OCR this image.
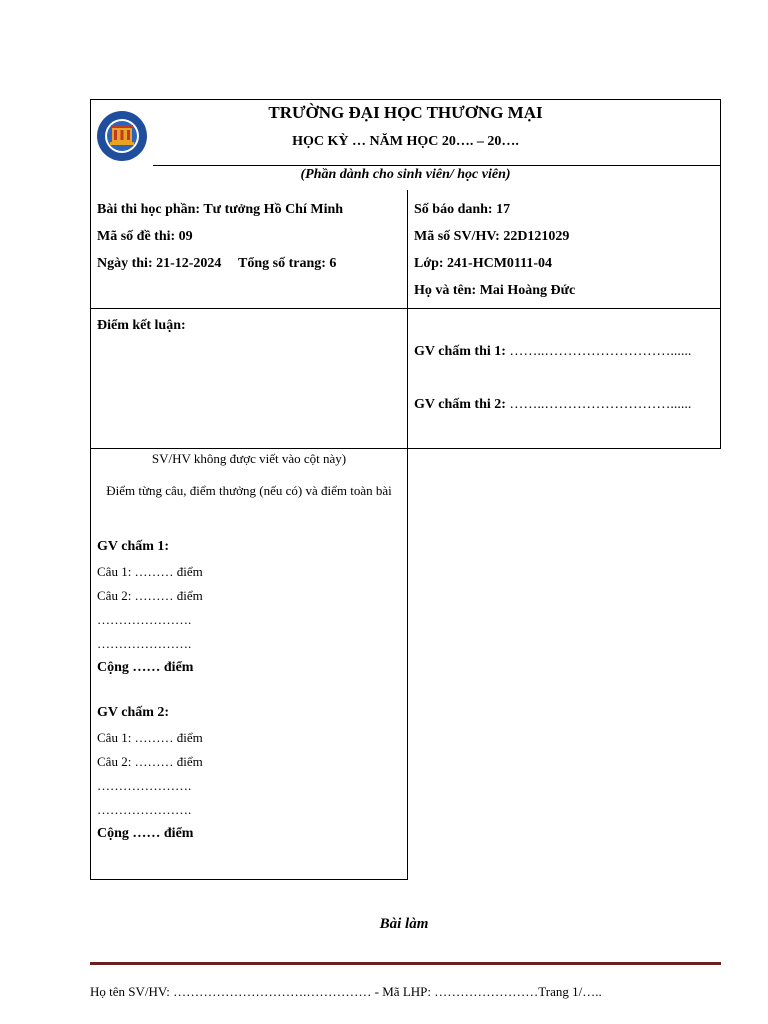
TRƯỜNG ĐẠI HỌC THƯƠNG MẠI
HỌC KỲ … NĂM HỌC 20…. – 20….
(Phần dành cho sinh viên/ học viên)
Bài thi học phần: Tư tưởng Hồ Chí Minh
Mã số đề thi: 09
Ngày thi: 21-12-2024 Tổng số trang: 6
Số báo danh: 17
Mã số SV/HV: 22D121029
Lớp: 241-HCM0111-04
Họ và tên: Mai Hoàng Đức
Điểm kết luận:
GV chấm thi 1: ……..………………………......
GV chấm thi 2: ……..………………………......
SV/HV không được viết vào cột này)
Điểm từng câu, điểm thưởng (nếu có) và điểm toàn bài
GV chấm 1:
Câu 1: ……… điểm
Câu 2: ……… điểm
………………….
………………….
Cộng …… điểm
GV chấm 2:
Câu 1: ……… điểm
Câu 2: ……… điểm
………………….
………………….
Cộng …… điểm
Bài làm
Họ tên SV/HV: ………………………….…………… - Mã LHP: ……………………Trang 1/…..
